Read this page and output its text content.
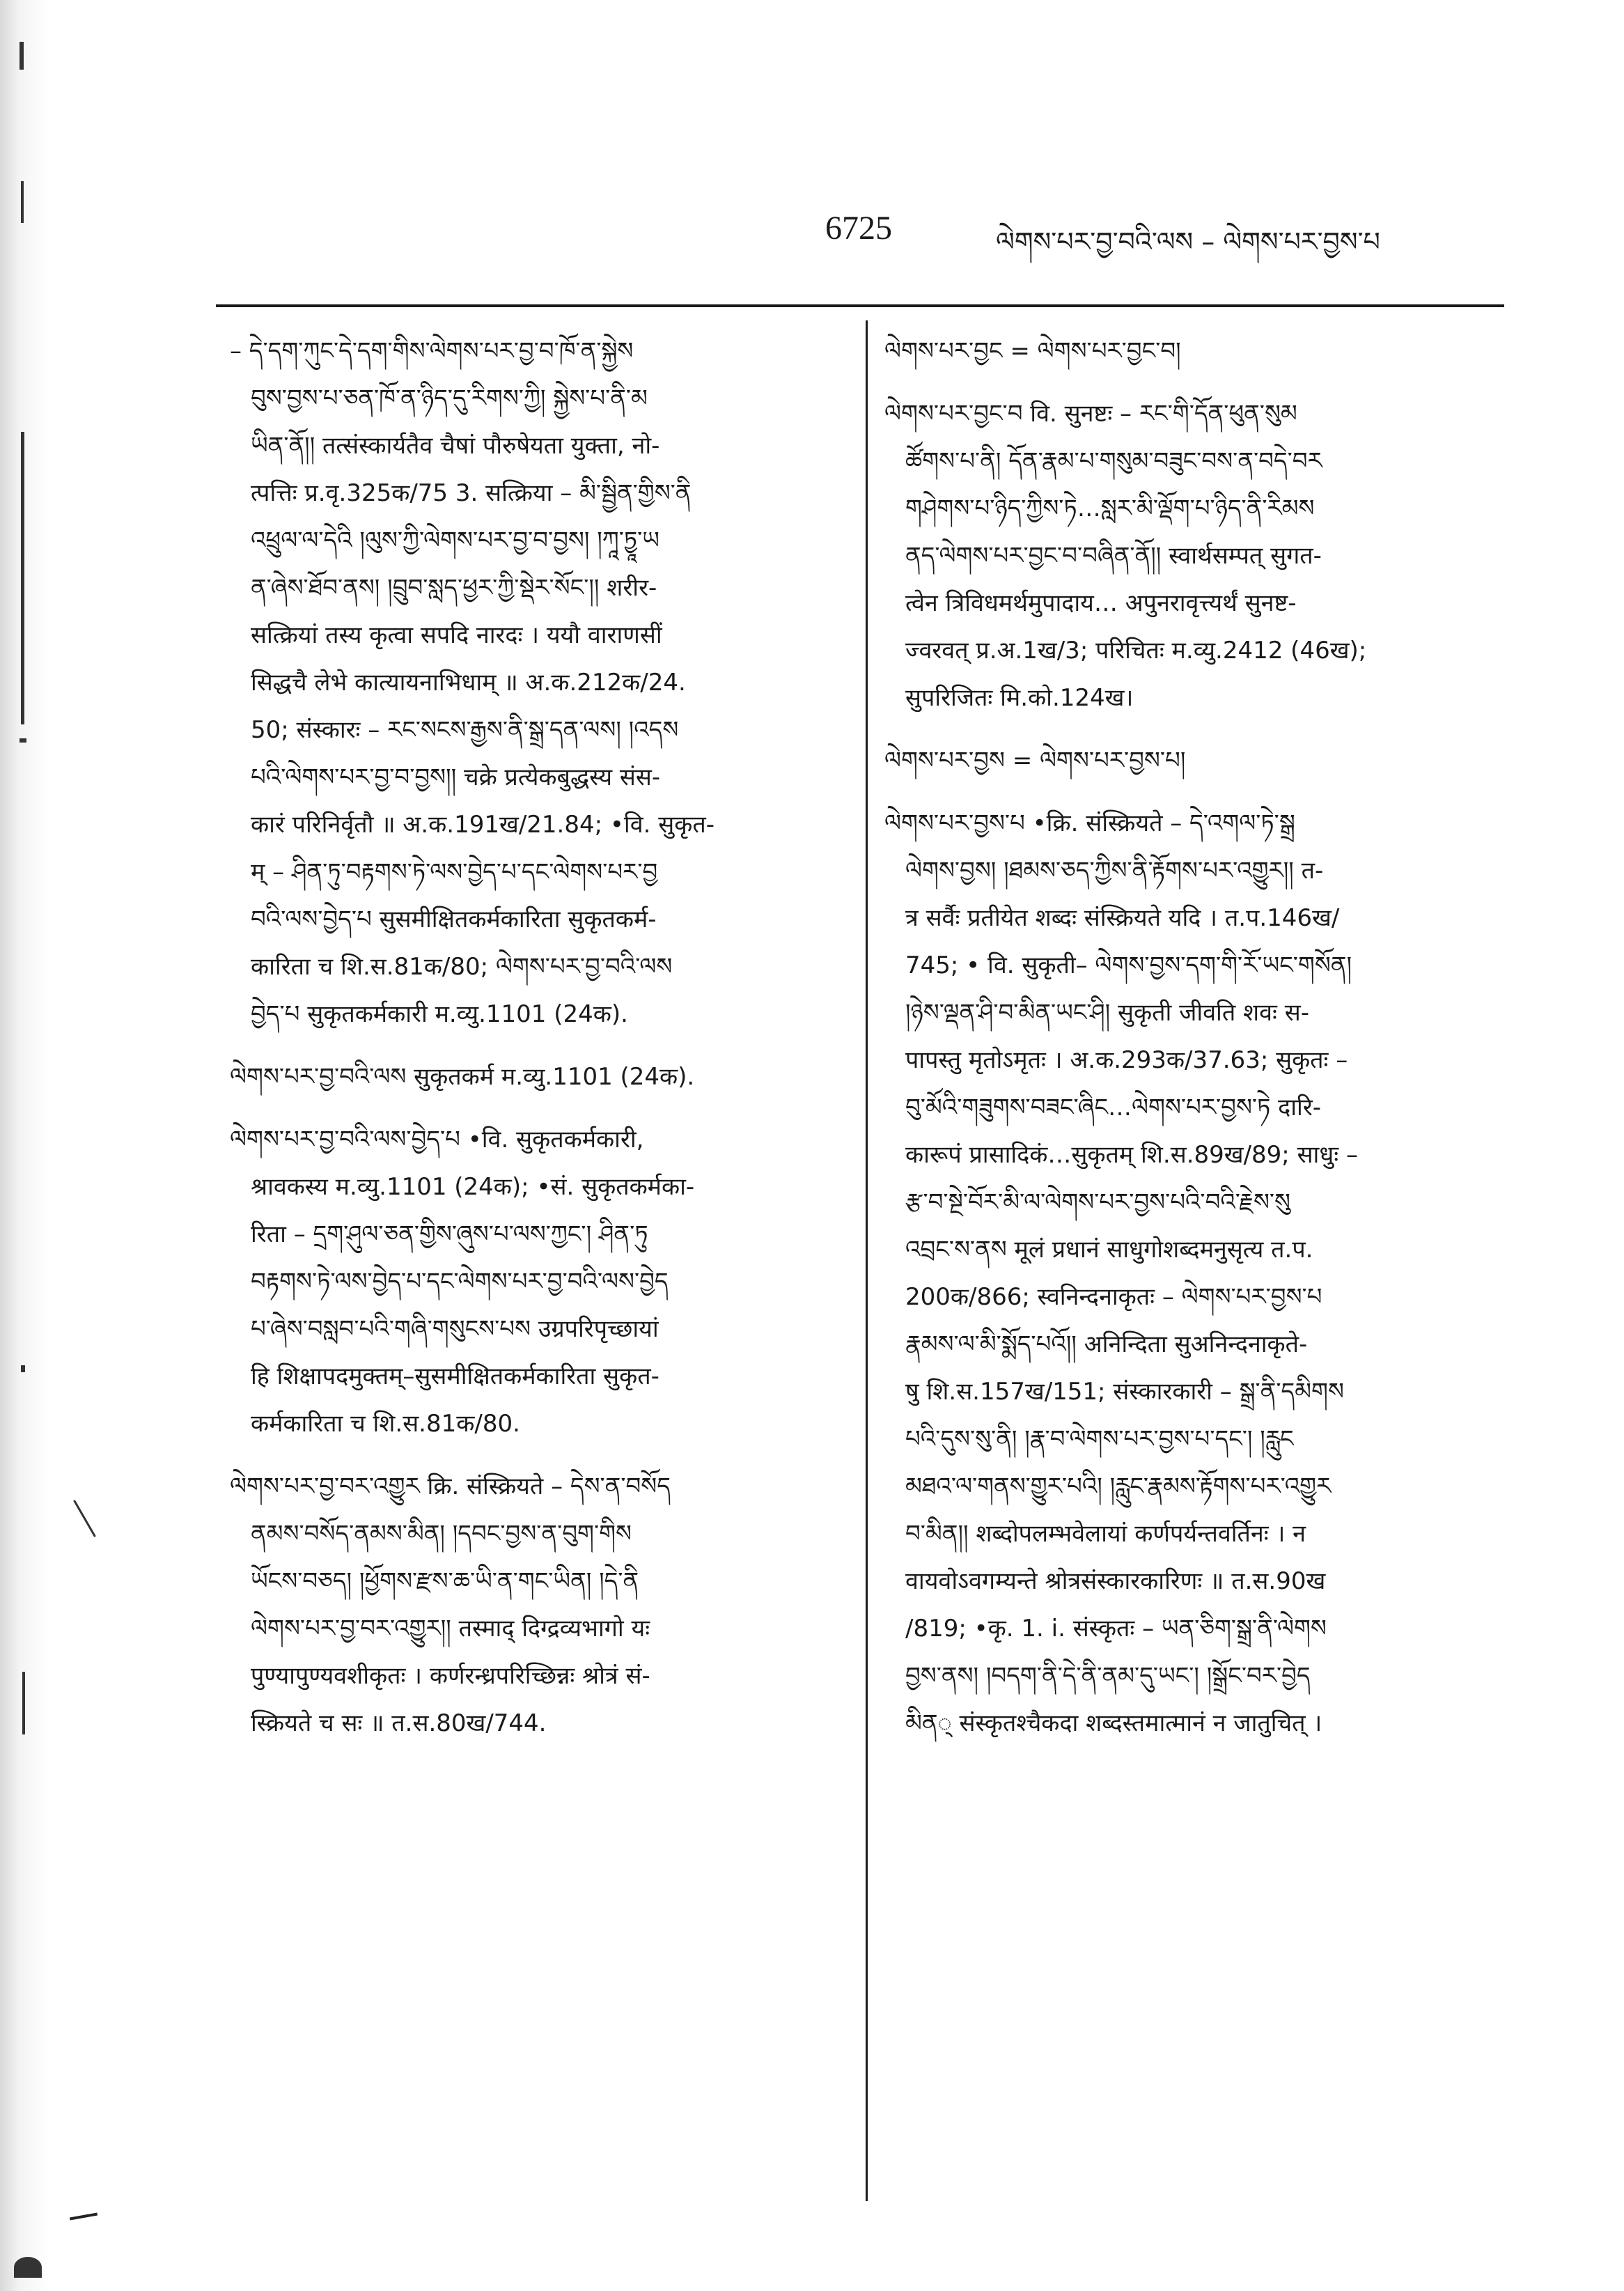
6725	ལེགས་པར་བྱ་བའི་ལས – ལེགས་པར་བྱས་པ
– དེ་དག་ཀུང་དེ་དག་གིས་ལེགས་པར་བྱ་བ་ཁོ་ན་སྐྱེས
བུས་བྱས་པ་ཅན་ཁོ་ན་ཉིད་དུ་རིགས་ཀྱི། སྐྱེས་པ་ནི་མ
ཡིན་ནོ།། तत्संस्कार्यतैव चैषां पौरुषेयता युक्ता, नो-
त्पत्तिः प्र.वृ.325क/75 3. सत्क्रिया – མི་སྦྱིན་གྱིས་ནི
འཕྲུལ་ལ་དེའི །ལུས་ཀྱི་ལེགས་པར་བྱ་བ་བྱས། །ཀཱ་ཏྱཱ་ཡ
ན་ཞེས་ཐོབ་ནས། །བྲུབ་སླད་ཕྱར་ཀྱི་སྡེར་སོང་།། शरीर-
सत्क्रियां तस्य कृत्वा सपदि नारदः । ययौ वाराणसीं
सिद्धचै लेभे कात्यायनाभिधाम् ॥ अ.क.212क/24.
50; संस्कारः – རང་སངས་རྒྱས་ནི་སྒྲ་དན་ལས། །འདས
པའི་ལེགས་པར་བྱ་བ་བྱས།། चक्रे प्रत्येकबुद्धस्य संस-
कारं परिनिर्वृतौ ॥ अ.क.191ख/21.84; •वि. सुकृत-
म् – ཤིན་ཏུ་བརྟགས་ཏེ་ལས་བྱེད་པ་དང་ལེགས་པར་བྱ
བའི་ལས་བྱེད་པ सुसमीक्षितकर्मकारिता सुकृतकर्म-
कारिता च शि.स.81क/80; ལེགས་པར་བྱ་བའི་ལས
བྱེད་པ सुकृतकर्मकारी म.व्यु.1101 (24क).
ལེགས་པར་བྱ་བའི་ལས सुकृतकर्म म.व्यु.1101 (24क).
ལེགས་པར་བྱ་བའི་ལས་བྱེད་པ •वि. सुकृतकर्मकारी,
श्रावकस्य म.व्यु.1101 (24क); •सं. सुकृतकर्मका-
रिता – དྲག་ཤུལ་ཅན་གྱིས་ཞུས་པ་ལས་ཀྱང་། ཤིན་ཏུ
བརྟགས་ཏེ་ལས་བྱེད་པ་དང་ལེགས་པར་བྱ་བའི་ལས་བྱེད
པ་ཞེས་བསླབ་པའི་གཞི་གསུངས་པས उग्रपरिपृच्छायां
हि शिक्षापदमुक्तम्–सुसमीक्षितकर्मकारिता सुकृत-
कर्मकारिता च शि.स.81क/80.
ལེགས་པར་བྱ་བར་འགྱུར क्रि. संस्क्रियते – དེས་ན་བསོད
ནམས་བསོད་ནམས་མིན། །དབང་བྱས་ན་བུག་གིས
ཡོངས་བཅད། །ཕྱོགས་རྫས་ཆ་ཡི་ན་གང་ཡིན། །དེ་ནི
ལེགས་པར་བྱ་བར་འགྱུར།། तस्माद् दिग्द्रव्यभागो यः
पुण्यापुण्यवशीकृतः । कर्णरन्ध्रपरिच्छिन्नः श्रोत्रं सं-
स्क्रियते च सः ॥ त.स.80ख/744.
ལེགས་པར་བྱང = ལེགས་པར་བྱང་བ།
ལེགས་པར་བྱང་བ वि. सुनष्टः – རང་གི་དོན་ཕུན་སུམ
ཚོགས་པ་ནི། དོན་རྣམ་པ་གསུམ་བཟུང་བས་ན་བདེ་བར
གཤེགས་པ་ཉིད་ཀྱིས་ཏེ…སླར་མི་ལྡོག་པ་ཉིད་ནི་རིམས
ནད་ལེགས་པར་བྱང་བ་བཞིན་ནོ།། स्वार्थसम्पत् सुगत-
त्वेन त्रिविधमर्थमुपादाय… अपुनरावृत्त्यर्थं सुनष्ट-
ज्वरवत् प्र.अ.1ख/3; परिचितः म.व्यु.2412 (46ख);
सुपरिजितः मि.को.124ख।
ལེགས་པར་བྱས = ལེགས་པར་བྱས་པ།
ལེགས་པར་བྱས་པ •क्रि. संस्क्रियते – དེ་འགལ་ཏེ་སྒྲ
ལེགས་བྱས། །ཐམས་ཅད་ཀྱིས་ནི་རྟོགས་པར་འགྱུར།། त-
त्र सर्वैः प्रतीयेत शब्दः संस्क्रियते यदि । त.प.146ख/
745; • वि. सुकृती– ལེགས་བྱས་དག་གི་རོ་ཡང་གསོན།
།ཉེས་ལྡན་ཤི་བ་མིན་ཡང་ཤི། सुकृती जीवति शवः स-
पापस्तु मृतोऽमृतः । अ.क.293क/37.63; सुकृतः –
བུ་མོའི་གཟུགས་བཟང་ཞིང…ལེགས་པར་བྱས་ཏེ दारि-
कारूपं प्रासादिकं…सुकृतम् शि.स.89ख/89; साधुः –
རྩ་བ་སྔེ་བོར་མི་ལ་ལེགས་པར་བྱས་པའི་བའི་རྗེས་སུ
འབྲང་ས་ནས मूलं प्रधानं साधुगोशब्दमनुसृत्य त.प.
200क/866; स्वनिन्दनाकृतः – ལེགས་པར་བྱས་པ
རྣམས་ལ་མི་སྨོད་པའོ།། अनिन्दिता सुअनिन्दनाकृते-
षु शि.स.157ख/151; संस्कारकारी – སྒྲ་ནི་དམིགས
པའི་དུས་སུ་ནི། །རྣ་བ་ལེགས་པར་བྱས་པ་དང་། །རླུང
མཐའ་ལ་གནས་གྱུར་པའི། །རླུང་རྣམས་རྟོགས་པར་འགྱུར
བ་མིན།། शब्दोपलम्भवेलायां कर्णपर्यन्तवर्तिनः । न
वायवोऽवगम्यन्ते श्रोत्रसंस्कारकारिणः ॥ त.स.90ख
/819; •कृ. 1. i. संस्कृतः – ཡན་ཅིག་སྒྲ་ནི་ལེགས
བྱས་ནས། །བདག་ནི་དེ་ནི་ནམ་དུ་ཡང་། །སྒྲོང་བར་བྱེད
མིན् संस्कृतश्चैकदा शब्दस्तमात्मानं न जातुचित् ।
